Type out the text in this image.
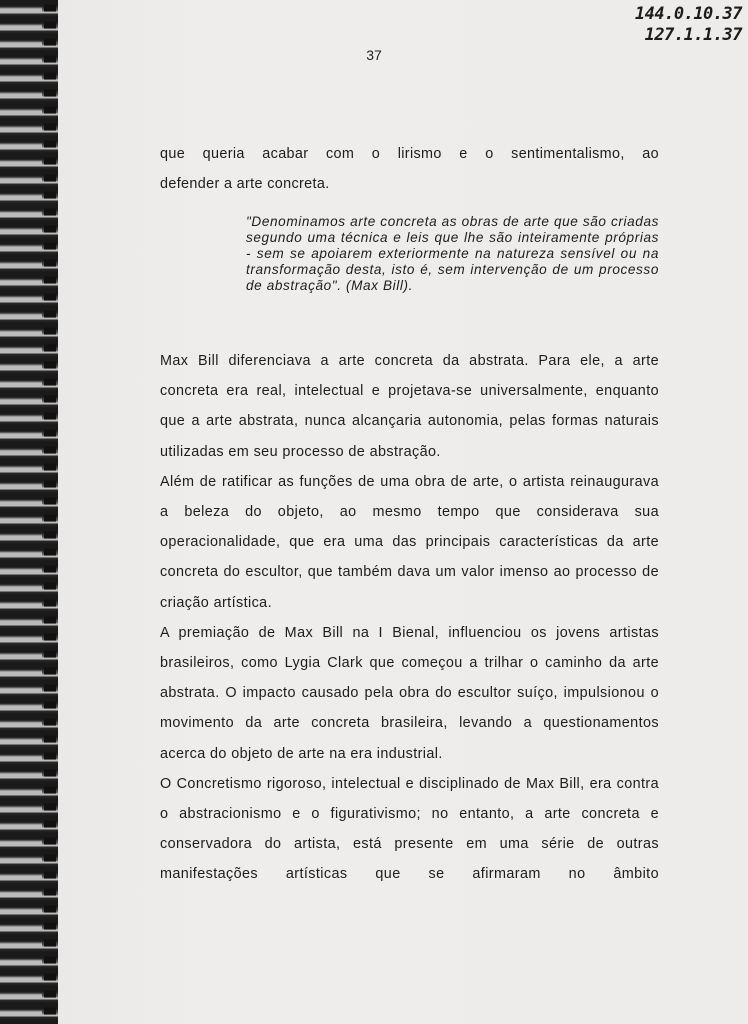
144.0.10.37
127.1.1.37
37

que queria acabar com o lirismo e o sentimentalismo, ao

defender a arte concreta.

"Denominamos arte concreta as obras de arte que são criadas segundo uma técnica e leis que lhe são inteiramente próprias - sem se apoiarem exteriormente na natureza sensível ou na transformação desta, isto é, sem intervenção de um processo de abstração". (Max Bill).

Max Bill diferenciava a arte concreta da abstrata. Para ele, a arte concreta era real, intelectual e projetava-se universalmente, enquanto que a arte abstrata, nunca alcançaria autonomia, pelas formas naturais utilizadas em seu processo de abstração.

Além de ratificar as funções de uma obra de arte, o artista reinaugurava a beleza do objeto, ao mesmo tempo que considerava sua operacionalidade, que era uma das principais características da arte concreta do escultor, que também dava um valor imenso ao processo de criação artística.

A premiação de Max Bill na I Bienal, influenciou os jovens artistas brasileiros, como Lygia Clark que começou a trilhar o caminho da arte abstrata. O impacto causado pela obra do escultor suíço, impulsionou o movimento da arte concreta brasileira, levando a questionamentos acerca do objeto de arte na era industrial.

O Concretismo rigoroso, intelectual e disciplinado de Max Bill, era contra o abstracionismo e o figurativismo; no entanto, a arte concreta e conservadora do artista, está presente em uma série de outras manifestações artísticas que se afirmaram no âmbito
